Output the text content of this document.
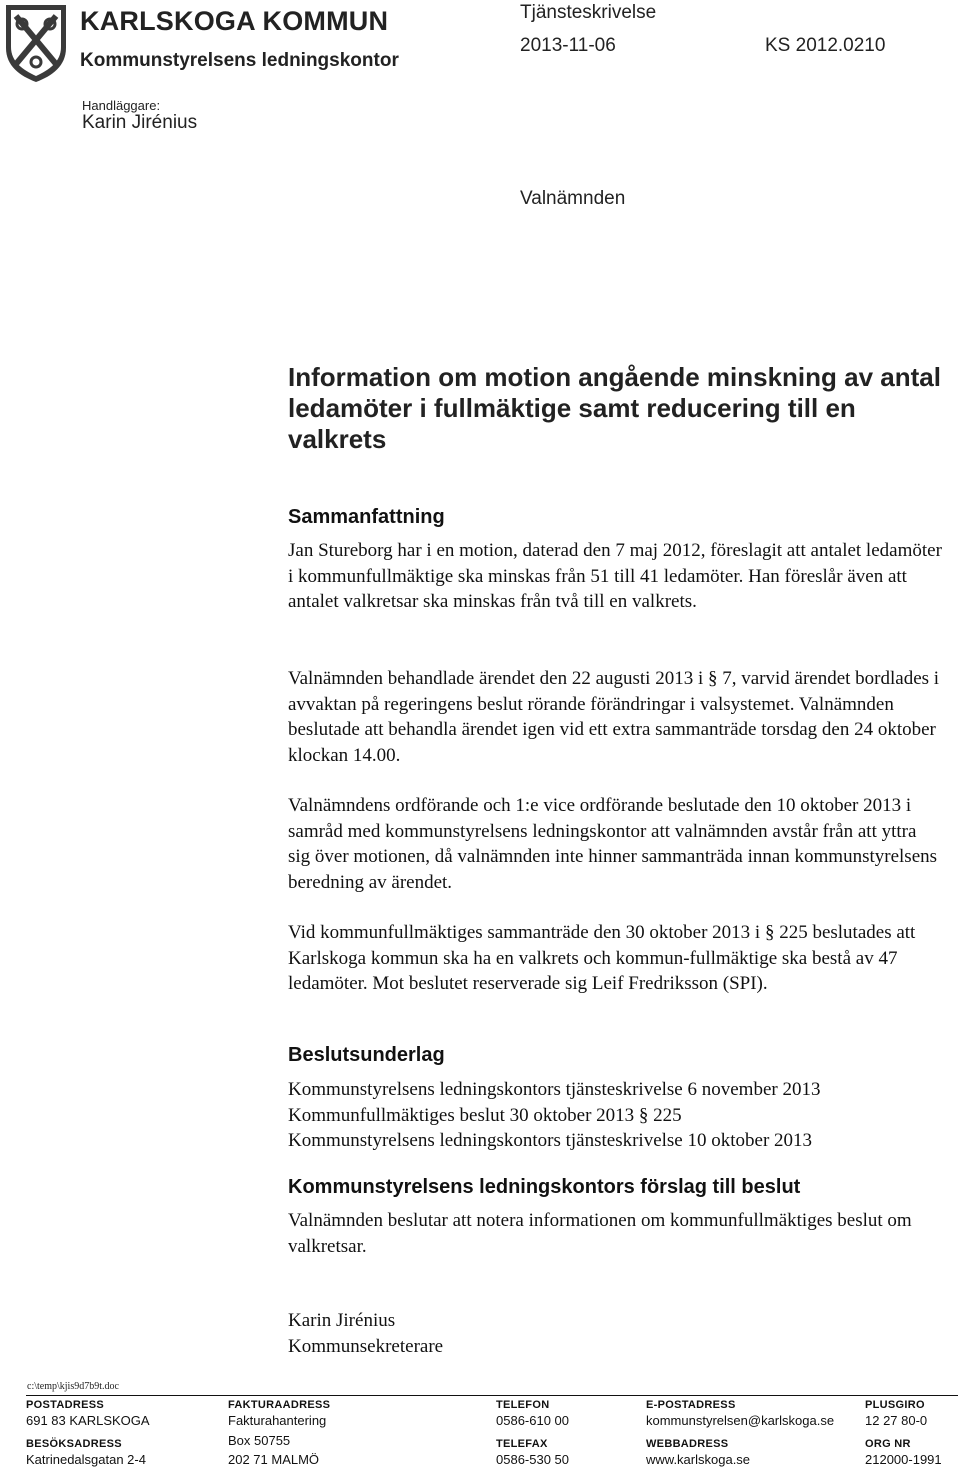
KARLSKOGA KOMMUN
Kommunstyrelsens ledningskontor
Tjänsteskrivelse
2013-11-06	KS 2012.0210
Handläggare:
Karin Jirénius
Valnämnden
Information om motion angående minskning av antal ledamöter i fullmäktige samt reducering till en valkrets
Sammanfattning

Jan Stureborg har i en motion, daterad den 7 maj 2012, föreslagit att antalet ledamöter i kommunfullmäktige ska minskas från 51 till 41 ledamöter. Han föreslår även att antalet valkretsar ska minskas från två till en valkrets.

Valnämnden behandlade ärendet den 22 augusti 2013 i § 7, varvid ärendet bordlades i avvaktan på regeringens beslut rörande förändringar i valsystemet. Valnämnden beslutade att behandla ärendet igen vid ett extra sammanträde torsdag den 24 oktober klockan 14.00.

Valnämndens ordförande och 1:e vice ordförande beslutade den 10 oktober 2013 i samråd med kommunstyrelsens ledningskontor att valnämnden avstår från att yttra sig över motionen, då valnämnden inte hinner sammanträda innan kommunstyrelsens beredning av ärendet.

Vid kommunfullmäktiges sammanträde den 30 oktober 2013 i § 225 beslutades att Karlskoga kommun ska ha en valkrets och kommun-fullmäktige ska bestå av 47 ledamöter. Mot beslutet reserverade sig Leif Fredriksson (SPI).

Beslutsunderlag
Kommunstyrelsens ledningskontors tjänsteskrivelse 6 november 2013
Kommunfullmäktiges beslut 30 oktober 2013 § 225
Kommunstyrelsens ledningskontors tjänsteskrivelse 10 oktober 2013
Kommunstyrelsens ledningskontors förslag till beslut

Valnämnden beslutar att notera informationen om kommunfullmäktiges beslut om valkretsar.

Karin Jirénius
Kommunsekreterare
c:\temp\kjis9d7b9t.doc
POSTADRESS
691 83 KARLSKOGA
BESÖKSADRESS
Katrinedalsgatan 2-4
FAKTURAADRESS
Fakturahantering
Box 50755
202 71 MALMÖ
TELEFON
0586-610 00
TELEFAX
0586-530 50
E-POSTADRESS
kommunstyrelsen@karlskoga.se
WEBBADRESS
www.karlskoga.se
PLUSGIRO
12 27 80-0
ORG NR
212000-1991
